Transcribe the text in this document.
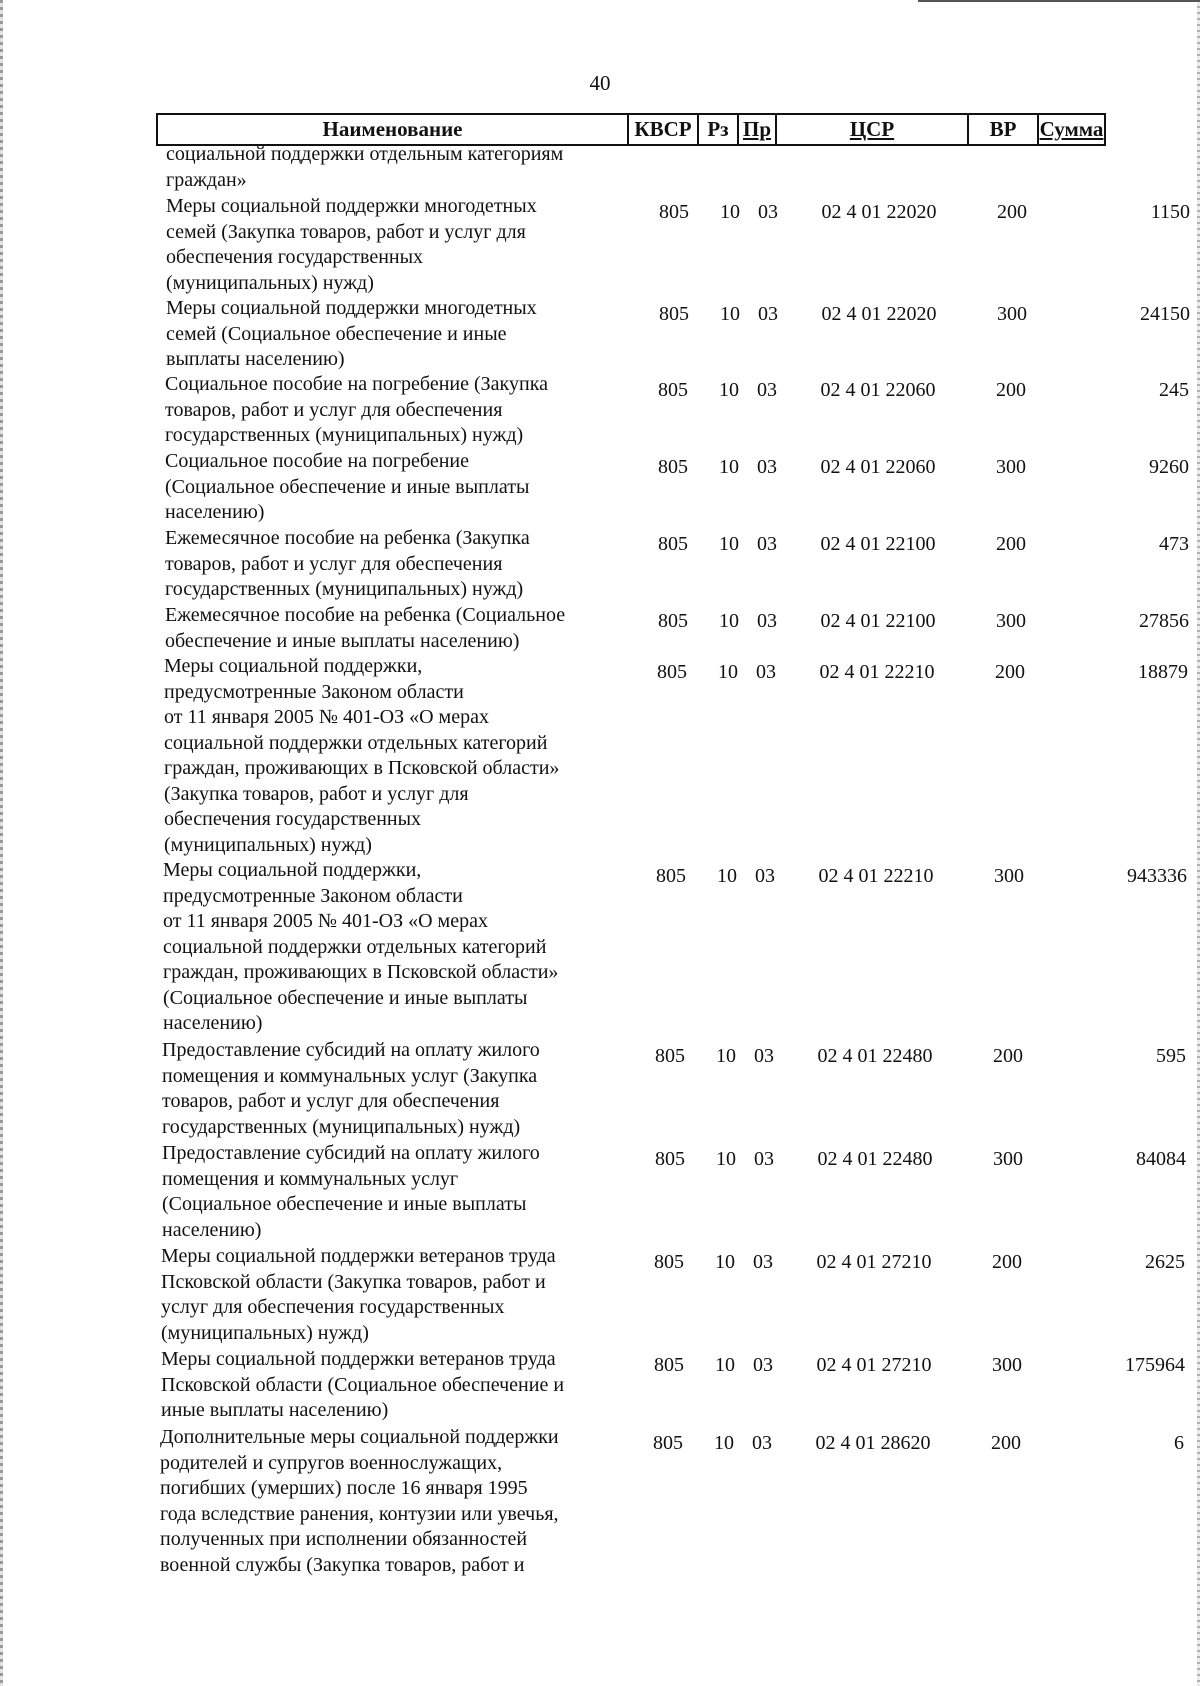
40
Наименование	КВСР Рз Пр	ЦСР	ВР	Сумма
социальной поддержки отдельным категориям
граждан»
Меры социальной поддержки многодетных
семей (Закупка товаров, работ и услуг для
обеспечения государственных
(муниципальных) нужд)
805	10 03	02 4 01 22020	200	1150
Меры социальной поддержки многодетных
семей (Социальное обеспечение и иные
выплаты населению)
805	10 03	02 4 01 22020	300	24150
Социальное пособие на погребение (Закупка
товаров, работ и услуг для обеспечения
государственных (муниципальных) нужд)
805	10 03	02 4 01 22060	200	245
Социальное пособие на погребение
(Социальное обеспечение и иные выплаты
населению)
805	10 03	02 4 01 22060	300	9260
Ежемесячное пособие на ребенка (Закупка
товаров, работ и услуг для обеспечения
государственных (муниципальных) нужд)
805	10 03	02 4 01 22100	200	473
Ежемесячное пособие на ребенка (Социальное
обеспечение и иные выплаты населению)
805	10 03	02 4 01 22100	300	27856
Меры социальной поддержки,
предусмотренные Законом области
от 11 января 2005 № 401-ОЗ «О мерах
социальной поддержки отдельных категорий
граждан, проживающих в Псковской области»
(Закупка товаров, работ и услуг для
обеспечения государственных
(муниципальных) нужд)
805	10 03	02 4 01 22210	200	18879
Меры социальной поддержки,
предусмотренные Законом области
от 11 января 2005 № 401-ОЗ «О мерах
социальной поддержки отдельных категорий
граждан, проживающих в Псковской области»
(Социальное обеспечение и иные выплаты
населению)
805	10 03	02 4 01 22210	300	943336
Предоставление субсидий на оплату жилого
помещения и коммунальных услуг (Закупка
товаров, работ и услуг для обеспечения
государственных (муниципальных) нужд)
805	10 03	02 4 01 22480	200	595
Предоставление субсидий на оплату жилого
помещения и коммунальных услуг
(Социальное обеспечение и иные выплаты
населению)
805	10 03	02 4 01 22480	300	84084
Меры социальной поддержки ветеранов труда
Псковской области (Закупка товаров, работ и
услуг для обеспечения государственных
(муниципальных) нужд)
805	10 03	02 4 01 27210	200	2625
Меры социальной поддержки ветеранов труда
Псковской области (Социальное обеспечение и
иные выплаты населению)
805	10 03	02 4 01 27210	300	175964
Дополнительные меры социальной поддержки
родителей и супругов военнослужащих,
погибших (умерших) после 16 января 1995
года вследствие ранения, контузии или увечья,
полученных при исполнении обязанностей
военной службы (Закупка товаров, работ и
805	10 03	02 4 01 28620	200	6
